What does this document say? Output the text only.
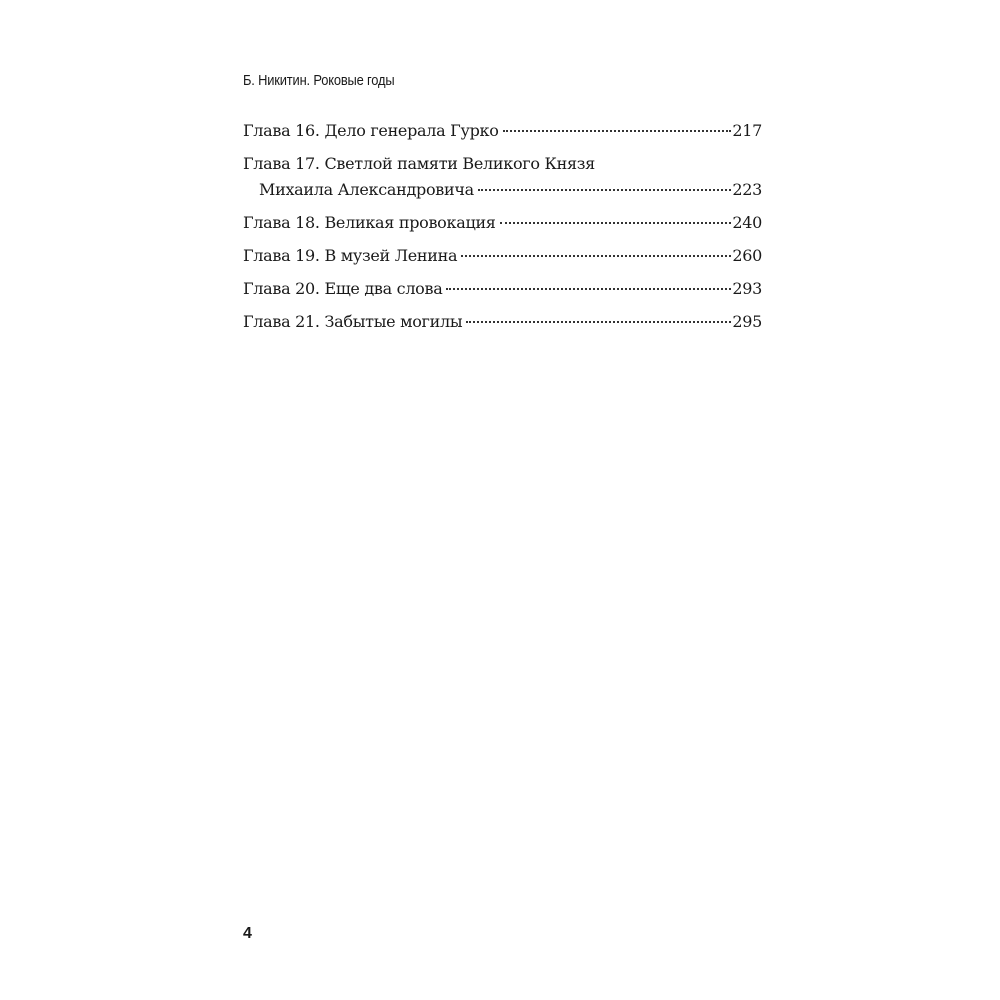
Б. Никитин. Роковые годы
Глава 16. Дело генерала Гурко	217
Глава 17. Светлой памяти Великого Князя
Михаила Александровича	223
Глава 18. Великая провокация	240
Глава 19. В музей Ленина	260
Глава 20. Еще два слова	293
Глава 21. Забытые могилы	295
4
